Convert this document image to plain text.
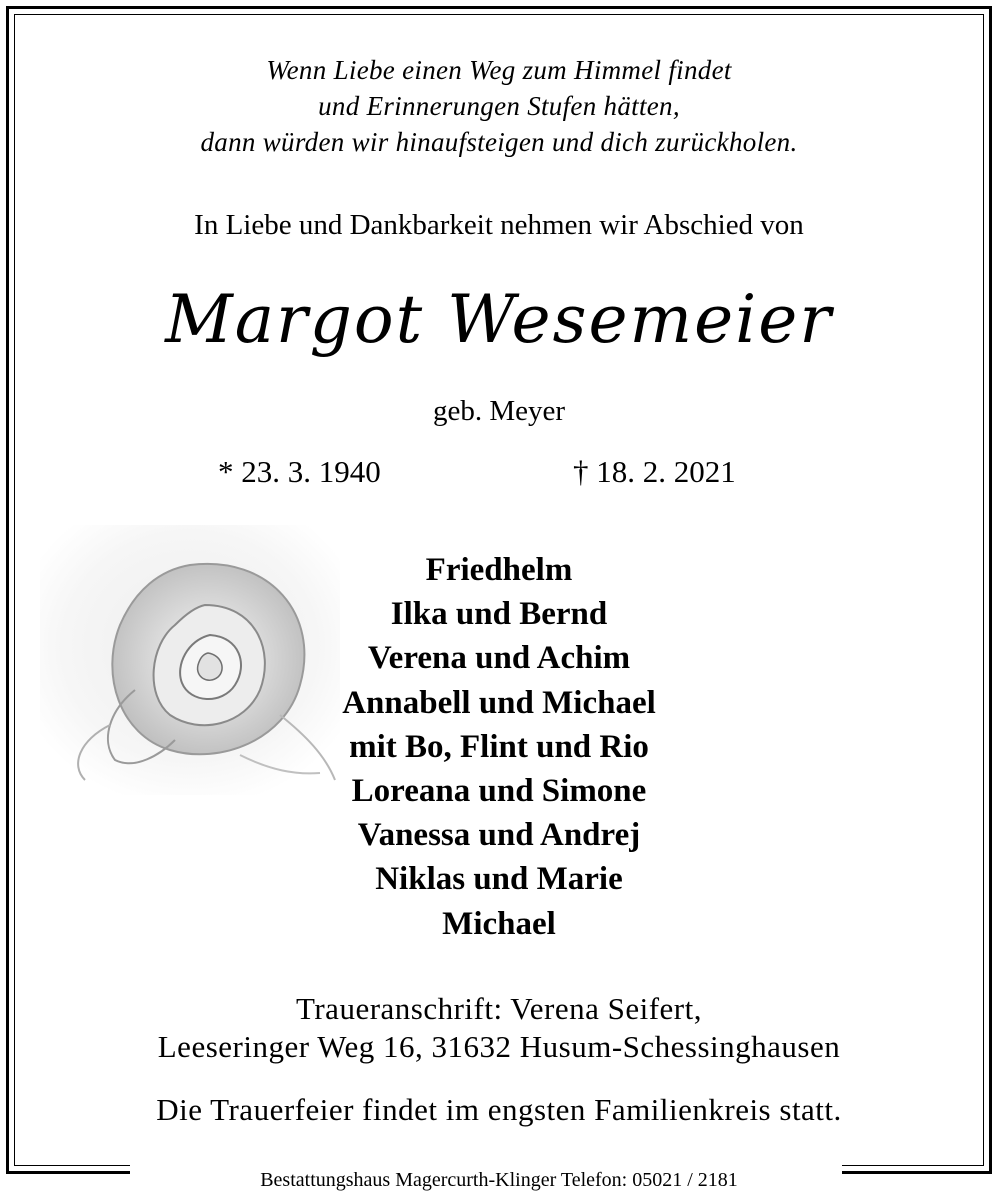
Wenn Liebe einen Weg zum Himmel findet
und Erinnerungen Stufen hätten,
dann würden wir hinaufsteigen und dich zurückholen.
In Liebe und Dankbarkeit nehmen wir Abschied von
Margot Wesemeier
geb. Meyer
* 23. 3. 1940	† 18. 2. 2021
Friedhelm
Ilka und Bernd
Verena und Achim
Annabell und Michael
mit Bo, Flint und Rio
Loreana und Simone
Vanessa und Andrej
Niklas und Marie
Michael
Traueranschrift: Verena Seifert,
Leeseringer Weg 16, 31632 Husum-Schessinghausen
Die Trauerfeier findet im engsten Familienkreis statt.
Bestattungshaus Magercurth-Klinger Telefon: 05021 / 2181
